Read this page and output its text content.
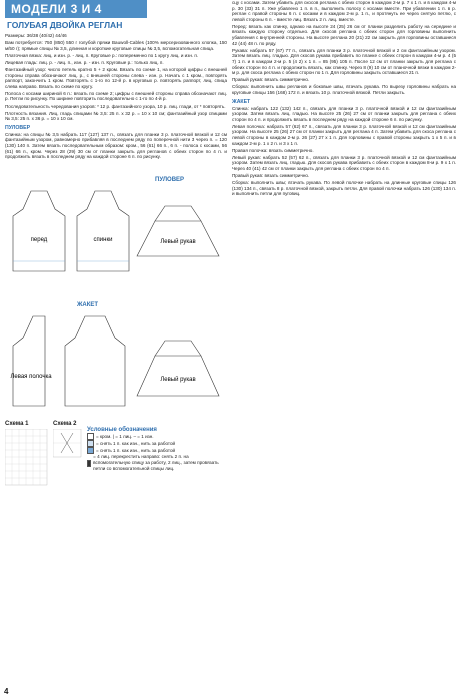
МОДЕЛИ 3 И 4
ГОЛУБАЯ ДВОЙКА РЕГЛАН

Размеры: 36/38 (40/42) 44/46

Вам потребуется: 750 (850) 550 г голубой пряжи Bauwoll-Cables (100% мерсеризованного хлопка, 150 м/50 г); прямые спицы № 3,5, длинная и короткие круговые спицы № 3,5, вспомогательная спица.

Платочная вязка: лиц. и изн. р. - лиц. п. Круговые р.: попеременно по 1 кругу лиц. и изн. п.

Лицевая гладь: лиц. р. - лиц. п., изн. р. - изн. п. Круговые р.: только лиц. п.

Фантазийный узор: число петель кратно 5 + 2 кром. Вязать по схеме 1, на которой цифры с внешней стороны справа обозначают лиц. р., с внешней стороны слева - изн. р. Начать с 1 кром., повторять раппорт, закончить 1 кром. Повторять с 1-го по 12-й р. в круговых р. повторять раппорт, лиц. спица слева направо. Вязать по схеме по кругу.

Полоса с косами шириной 6 п.: вязать по схеме 2; цифры с внешней стороны справа обозначают лиц. р. Петли по рисунку. По ширине повторить последовательно с 1-го по 4-й р.

Последовательность чередования узоров: * 12 р. фантазийного узора, 10 р. лиц. глади, от * повторять.

Плотность вязания. Лиц. гладь спицами № 3,5: 25 п. x 32 р. = 10 x 10 см; фантазийный узор спицами № 3,5: 25 п. x 36 р. = 10 x 10 см.

ПУЛОВЕР

Спинка: на спицы № 3,5 набрать 117 (127) 137 п., связать для планки 3 р. платочной вязкой и 12 см фантазийным узором, равномерно прибавляя в последнем ряду по поперечной нити 3 через п. = 120 (130) 140 п. Затем вязать последовательным образом: кром., 56 (61) 66 п., 6 п. - полоса с косами, 56 (61) 66 п., кром. Через 28 (29) 30 см от планки закрыть для регланов с обеих сторон по 4 п. и продолжить вязать в последнем ряду на каждой стороне 6 п. по рисунку.

перед	спинки	Левый рукав
ПУЛОВЕР
Левая полочка	Левый рукав
ЖАКЕТ
Схема 1	Схема 2
Условные обозначения
= кром. | = 1 лиц. – = 1 изн.
= снять 1 п. как изн., нить за работой
= снять 1 п. как изн., нить за работой
= 4 лиц. перекрестить направо: снять 2 п. на вспомогательную спицу за работу, 2 лиц., затем провязать петли со вспомогательной спицы лиц.

сцу с косами. Затем убавить для скосов реглана с обеих сторон в каждом 2-м р. 7 x 1 п. и в каждом 4-м р. 30 (33) 31 п. Уже убавлено 1 п. в п., выполнить полосу с косами вместе. При убавлении 1 п. в р. реглан с правой стороны 6 п. с косами и в каждом 2-м р. 1 п., и протянуть ее через снятую петлю, с левой стороны 6 п. - вместе лиц. Вязать 2 п. лиц. вместе.

Перед: вязать как спинку, однако на высоте 24 (25) 26 см от планки разделить работу на середине и вязать каждую сторону отдельно. Для скосов реглана с обеих сторон для горловины выполнить убавления с внутренней стороны. На высоте реглана 20 (21) 22 см закрыть для горловины оставшиеся 42 (44) 48 п. по ряду.

Рукава: набрать 57 (67) 77 п., связать для планки 3 р. платочной вязкой и 2 см фантазийным узором. Затем вязать лиц. гладью. Для скосов рукава прибавить по планке с обеих сторон в каждом 4-м р. 4 (5 7) 1 п. и в каждом 2-м р. 5 (4 2) x 1 п. = 85 (95) 105 п. После 12 см от планки закрыть для реглана с обеих сторон по 4 п. и продолжить вязать, как спинку. Через 8 (9) 10 см от планочной вязки в каждом 2-м р. для скоса реглана с обеих сторон по 1 п. Для горловины закрыть оставшиеся 21 п.

Правый рукав: вязать симметрично.

Сборка: выполнить швы регланов и боковые швы, втачать рукава. По вырезу горловины набрать на круговые спицы 156 (168) 172 п. и вязать 10 р. платочной вязкой. Петли закрыть.

ЖАКЕТ

Спинка: набрать 122 (132) 142 п., связать для планки 3 р. платочной вязкой и 12 см фантазийным узором. Затем вязать лиц. гладью. На высоте 25 (26) 27 см от планки закрыть для реглана с обеих сторон по 4 п. и продолжить вязать в последнем ряду на каждой стороне 6 п. по рисунку.

Левая полочка: набрать 57 (62) 67 п., связать для планки 3 р. платочной вязкой и 12 см фантазийным узором. На высоте 25 (26) 27 см от планки закрыть для реглана 4 п. Затем убавить для скоса реглана с левой стороны в каждом 2-м р. 26 (27) 27 x 1 п. Для горловины с правой стороны закрыть 1 x 5 п. и в каждом 2-м р. 1 x 2 п. и 3 x 1 п.

Правая полочка: вязать симметрично.

Левый рукав: набрать 52 (57) 62 п., связать для планки 3 р. платочной вязкой и 12 см фантазийным узором. Затем вязать лиц. гладью. Для скосов рукава прибавить с обеих сторон в каждом 8-м р. 9 x 1 п. Через 40 (41) 42 см от планки закрыть для реглана с обеих сторон по 4 п.

Правый рукав: вязать симметрично.

Сборка: выполнить швы; втачать рукава. По левой полочке набрать на длинные круговые спицы 126 (130) 134 п., связать 8 р. платочной вязкой, закрыть петли. Для правой полочки набрать 126 (130) 134 п. и выполнить петли для пуговиц.

4
